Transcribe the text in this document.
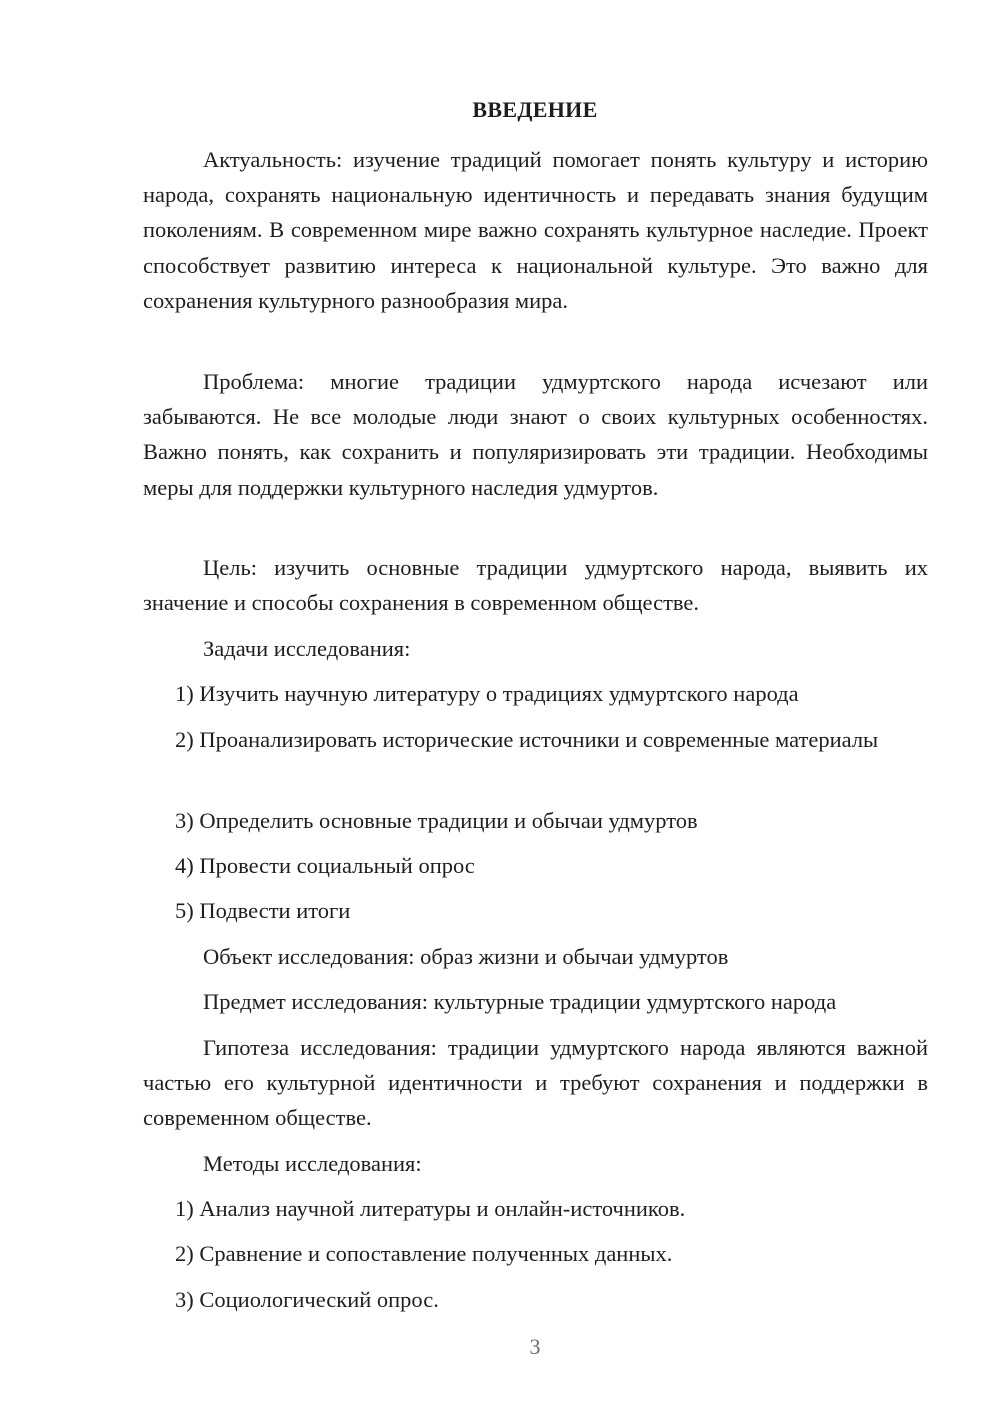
ВВЕДЕНИЕ

Актуальность: изучение традиций помогает понять культуру и историю народа, сохранять национальную идентичность и передавать знания будущим поколениям. В современном мире важно сохранять культурное наследие. Проект способствует развитию интереса к национальной культуре. Это важно для сохранения культурного разнообразия мира.

Проблема: многие традиции удмуртского народа исчезают или забываются. Не все молодые люди знают о своих культурных особенностях. Важно понять, как сохранить и популяризировать эти традиции. Необходимы меры для поддержки культурного наследия удмуртов.

Цель: изучить основные традиции удмуртского народа, выявить их значение и способы сохранения в современном обществе.

Задачи исследования:

1) Изучить научную литературу о традициях удмуртского народа

2) Проанализировать исторические источники и современные материалы

3) Определить основные традиции и обычаи удмуртов

4) Провести социальный опрос

5) Подвести итоги

Объект исследования: образ жизни и обычаи удмуртов

Предмет исследования: культурные традиции удмуртского народа

Гипотеза исследования: традиции удмуртского народа являются важной частью его культурной идентичности и требуют сохранения и поддержки в современном обществе.

Методы исследования:

1) Анализ научной литературы и онлайн-источников.

2) Сравнение и сопоставление полученных данных.

3) Социологический опрос.

3
